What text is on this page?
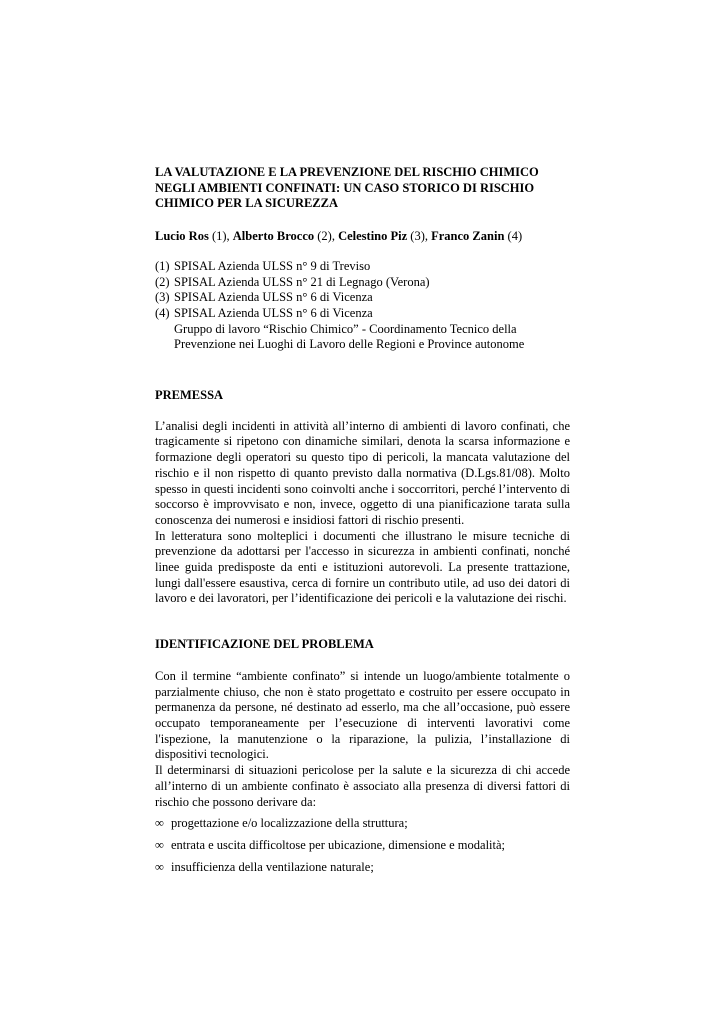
LA VALUTAZIONE E LA PREVENZIONE DEL RISCHIO CHIMICO
NEGLI AMBIENTI CONFINATI: UN CASO STORICO DI RISCHIO
CHIMICO PER LA SICUREZZA
Lucio Ros (1), Alberto Brocco (2), Celestino Piz (3), Franco Zanin (4)
(1) SPISAL Azienda ULSS n° 9 di Treviso
(2) SPISAL Azienda ULSS n° 21 di Legnago (Verona)
(3) SPISAL Azienda ULSS n° 6 di Vicenza
(4) SPISAL Azienda ULSS n° 6 di Vicenza
Gruppo di lavoro “Rischio Chimico” - Coordinamento Tecnico della
Prevenzione nei Luoghi di Lavoro delle Regioni e Province autonome
PREMESSA

L’analisi degli incidenti in attività all’interno di ambienti di lavoro confinati, che tragicamente si ripetono con dinamiche similari, denota la scarsa informazione e formazione degli operatori su questo tipo di pericoli, la mancata valutazione del rischio e il non rispetto di quanto previsto dalla normativa (D.Lgs.81/08). Molto spesso in questi incidenti sono coinvolti anche i soccorritori, perché l’intervento di soccorso è improvvisato e non, invece, oggetto di una pianificazione tarata sulla conoscenza dei numerosi e insidiosi fattori di rischio presenti.

In letteratura sono molteplici i documenti che illustrano le misure tecniche di prevenzione da adottarsi per l'accesso in sicurezza in ambienti confinati, nonché linee guida predisposte da enti e istituzioni autorevoli. La presente trattazione, lungi dall'essere esaustiva, cerca di fornire un contributo utile, ad uso dei datori di lavoro e dei lavoratori, per l’identificazione dei pericoli e la valutazione dei rischi.

IDENTIFICAZIONE DEL PROBLEMA

Con il termine “ambiente confinato” si intende un luogo/ambiente totalmente o parzialmente chiuso, che non è stato progettato e costruito per essere occupato in permanenza da persone, né destinato ad esserlo, ma che all’occasione, può essere occupato temporaneamente per l’esecuzione di interventi lavorativi come l'ispezione, la manutenzione o la riparazione, la pulizia, l’installazione di dispositivi tecnologici.

Il determinarsi di situazioni pericolose per la salute e la sicurezza di chi accede all’interno di un ambiente confinato è associato alla presenza di diversi fattori di rischio che possono derivare da:

∞ progettazione e/o localizzazione della struttura;
∞ entrata e uscita difficoltose per ubicazione, dimensione e modalità;
∞ insufficienza della ventilazione naturale;
